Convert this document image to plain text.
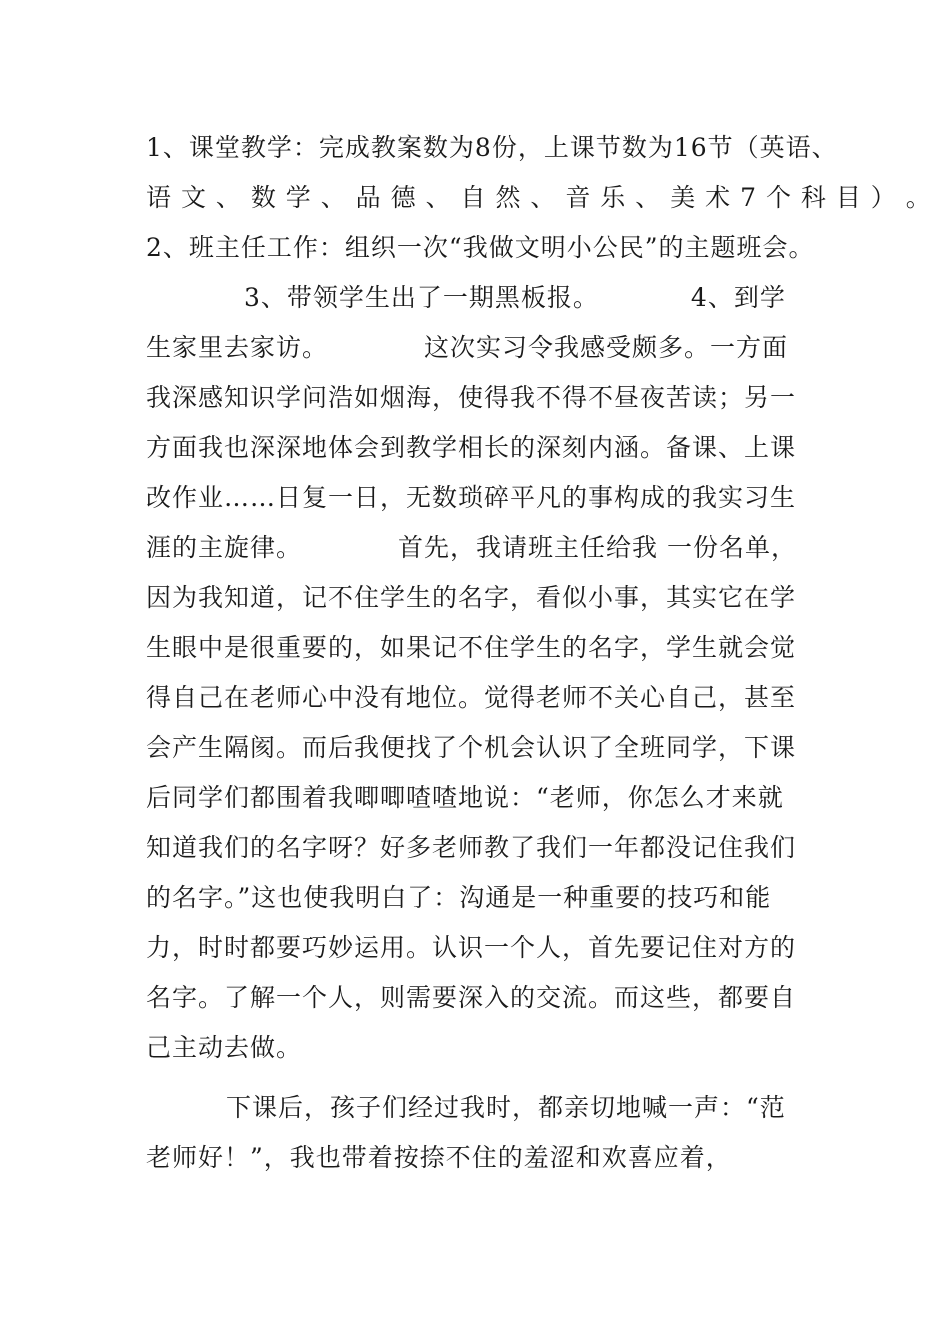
1、课堂教学：完成教案数为8份，上课节数为16节（英语、
语 文 、 数 学 、 品 德 、 自 然 、 音 乐 、 美 术 7 个 科 目 ） 。
2、班主任工作：组织一次“我做文明小公民”的主题班会。
3、带领学生出了一期黑板报。	4、到学
生家里去家访。	这次实习令我感受颇多。一方面
我深感知识学问浩如烟海，使得我不得不昼夜苦读；另一
方面我也深深地体会到教学相长的深刻内涵。备课、上课
改作业……日复一日，无数琐碎平凡的事构成的我实习生
涯的主旋律。	首先，我请班主任给我 一份名单，
因为我知道，记不住学生的名字，看似小事，其实它在学
生眼中是很重要的，如果记不住学生的名字，学生就会觉
得自己在老师心中没有地位。觉得老师不关心自己，甚至
会产生隔阂。而后我便找了个机会认识了全班同学，下课
后同学们都围着我唧唧喳喳地说：“老师，你怎么才来就
知道我们的名字呀？好多老师教了我们一年都没记住我们
的名字。”这也使我明白了：沟通是一种重要的技巧和能
力，时时都要巧妙运用。认识一个人，首先要记住对方的
名字。了解一个人，则需要深入的交流。而这些，都要自
己主动去做。
下课后，孩子们经过我时，都亲切地喊一声：“范
老师好！”，我也带着按捺不住的羞涩和欢喜应着，
